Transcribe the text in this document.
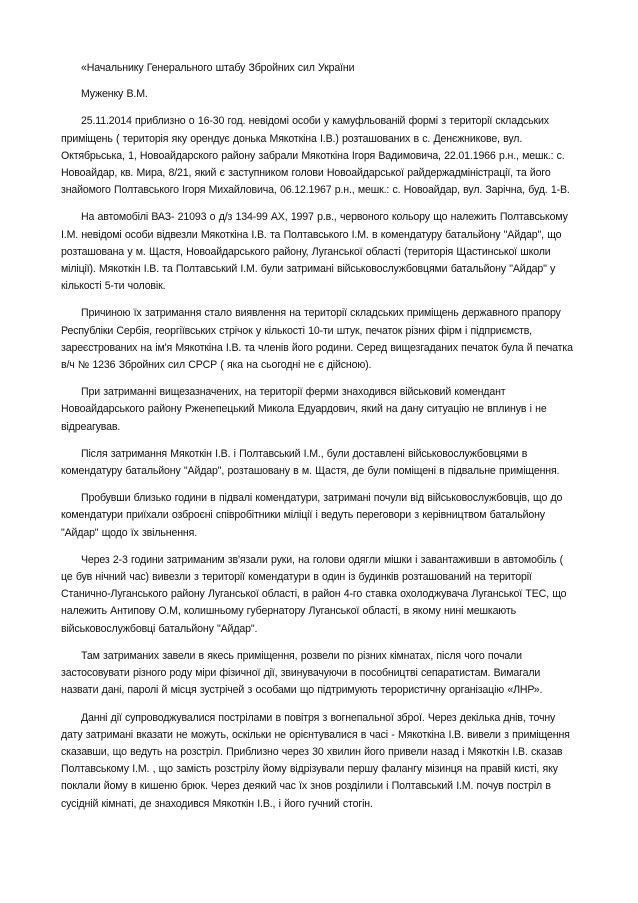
«Начальнику Генерального штабу Збройних сил України

Муженку В.М.

25.11.2014 приблизно о 16-30 год. невідомі особи у камуфльованій формі з території складських приміщень ( територія яку орендує донька Мякоткіна І.В.) розташованих в с. Денєжникове, вул. Октябрьська, 1, Новоайдарского району забрали Мякоткіна Ігоря Вадимовича, 22.01.1966 р.н., мешк.: с. Новоайдар, кв. Мира, 8/21, який є заступником голови Новоайдарської райдержадміністрації, та його знайомого Полтавського Ігоря Михайловича, 06.12.1967 р.н., мешк.: с. Новоайдар, вул. Зарічна, буд. 1-В.

На автомобілі ВАЗ- 21093 о д/з 134-99 АХ, 1997 р.в., червоного кольору що належить Полтавському І.М. невідомі особи відвезли Мякоткіна І.В. та Полтавського І.М. в комендатуру батальйону "Айдар", що розташована у м. Щастя, Новоайдарського району, Луганської області (територія Щастинської школи міліції). Мякоткін І.В. та Полтавський І.М. були затримані військовослужбовцями батальйону "Айдар" у кількості 5-ти чоловік.

Причиною їх затримання стало виявлення на території складських приміщень державного прапору Республіки Сербія, георгіївських стрічок у кількості 10-ти штук, печаток різних фірм і підприємств, зареєстрованих на ім'я Мякоткіна І.В. та членів його родини. Серед вищезгаданих печаток була й печатка в/ч № 1236 Збройних сил СРСР ( яка на сьогодні не є дійсною).

При затриманні вищезазначених, на території ферми знаходився військовий комендант Новоайдарського району Рженепецький Микола Едуардович, який на дану ситуацію не вплинув і не відреагував.

Після затримання Мякоткін І.В. і Полтавський І.М., були доставлені військовослужбовцями в комендатуру батальйону "Айдар", розташовану в м. Щастя, де були поміщені в підвальне приміщення.

Пробувши близько години в підвалі комендатури, затримані почули від військовослужбовців, що до комендатури приїхали озброєні співробітники міліції і ведуть переговори з керівництвом батальйону "Айдар" щодо їх звільнення.

Через 2-3 години затриманим зв'язали руки, на голови одягли мішки і завантаживши в автомобіль ( це був нічний час) вивезли з території комендатури в один із будинків розташований на території Станично-Луганського району Луганської області, в район 4-го ставка охолоджувача Луганської ТЕС, що належить Антипову О.М, колишньому губернатору Луганської області, в якому нині мешкають військовослужбовці батальйону "Айдар".

Там затриманих завели в якесь приміщення, розвели по різних кімнатах, після чого почали застосовувати різного роду міри фізичної дії, звинувачуючи в пособництві сепаратистам. Вимагали назвати дані, паролі й місця зустрічей з особами що підтримують терористичну організацію «ЛНР».

Данні дії супроводжувалися пострілами в повітря з вогнепальної зброї. Через декілька днів, точну дату затримані вказати не можуть, оскільки не орієнтувалися в часі - Мякоткіна І.В. вивели з приміщення сказавши, що ведуть на розстріл. Приблизно через 30 хвилин його привели назад і Мякоткін І.В. сказав Полтавському І.М. , що замість розстрілу йому відрізували першу фалангу мізинця на правій кисті, яку поклали йому в кишеню брюк. Через деякий час їх знов розділили і Полтавський І.М. почув постріл в сусідній кімнаті, де знаходився Мякоткін І.В., і його гучний стогін.
